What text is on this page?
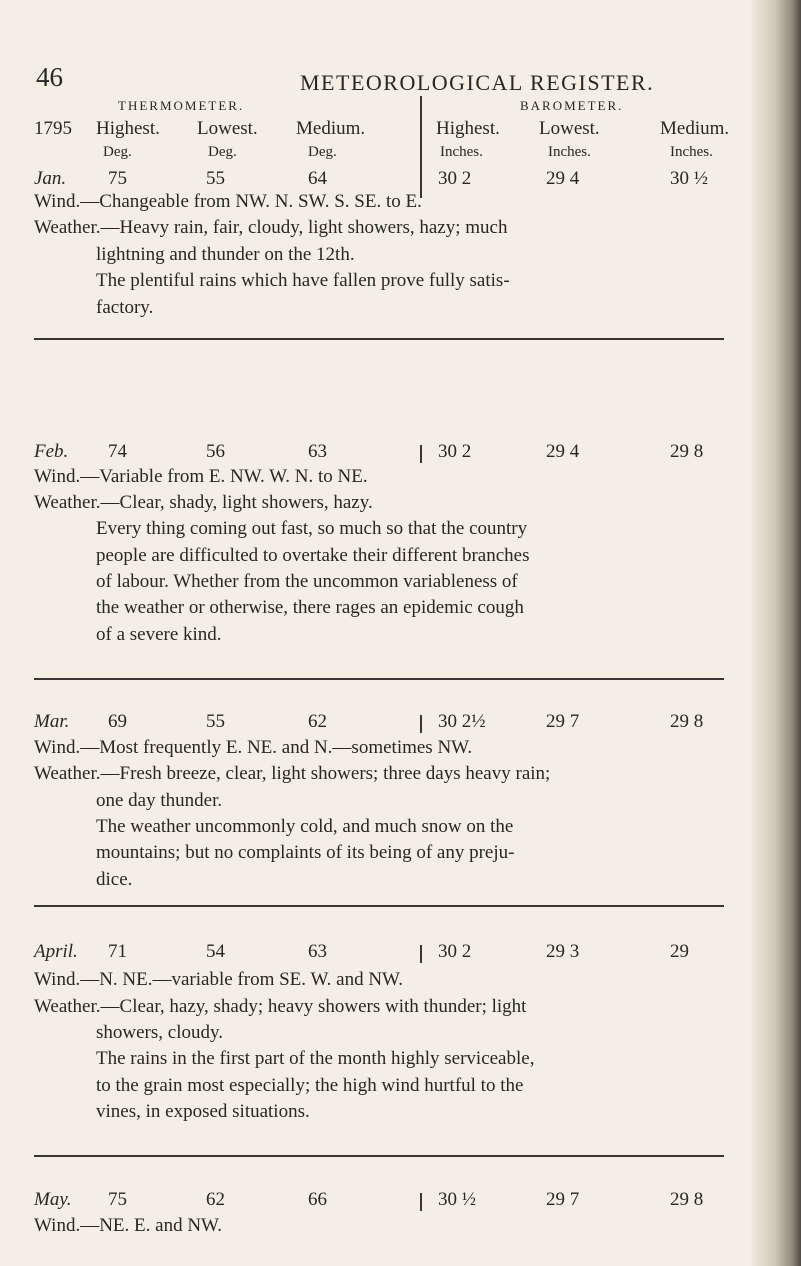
46	METEOROLOGICAL REGISTER.
THERMOMETER.	BAROMETER.
1795 Highest. Lowest. Medium.	Highest. Lowest.	Medium.
Deg.	Deg.	Deg.	Inches.	Inches.	Inches.
Jan. 75	55	64	30 2	29 4	30 ½
Wind.—Changeable from NW. N. SW. S. SE. to E.
Weather.—Heavy rain, fair, cloudy, light showers, hazy; much
lightning and thunder on the 12th.
The plentiful rains which have fallen prove fully satis-
factory.
Feb. 74	56	63	30 2	29 4	29 8
Wind.—Variable from E. NW. W. N. to NE.
Weather.—Clear, shady, light showers, hazy.
Every thing coming out fast, so much so that the country
people are difficulted to overtake their different branches
of labour. Whether from the uncommon variableness of
the weather or otherwise, there rages an epidemic cough
of a severe kind.
Mar. 69	55	62	30 2½	29 7	29 8
Wind.—Most frequently E. NE. and N.—sometimes NW.
Weather.—Fresh breeze, clear, light showers; three days heavy rain;
one day thunder.
The weather uncommonly cold, and much snow on the
mountains; but no complaints of its being of any preju-
dice.
April. 71	54	63	30 2	29 3	29
Wind.—N. NE.—variable from SE. W. and NW.
Weather.—Clear, hazy, shady; heavy showers with thunder; light
showers, cloudy.
The rains in the first part of the month highly serviceable,
to the grain most especially; the high wind hurtful to the
vines, in exposed situations.
May. 75	62	66	30 ½	29 7	29 8
Wind.—NE. E. and NW.
